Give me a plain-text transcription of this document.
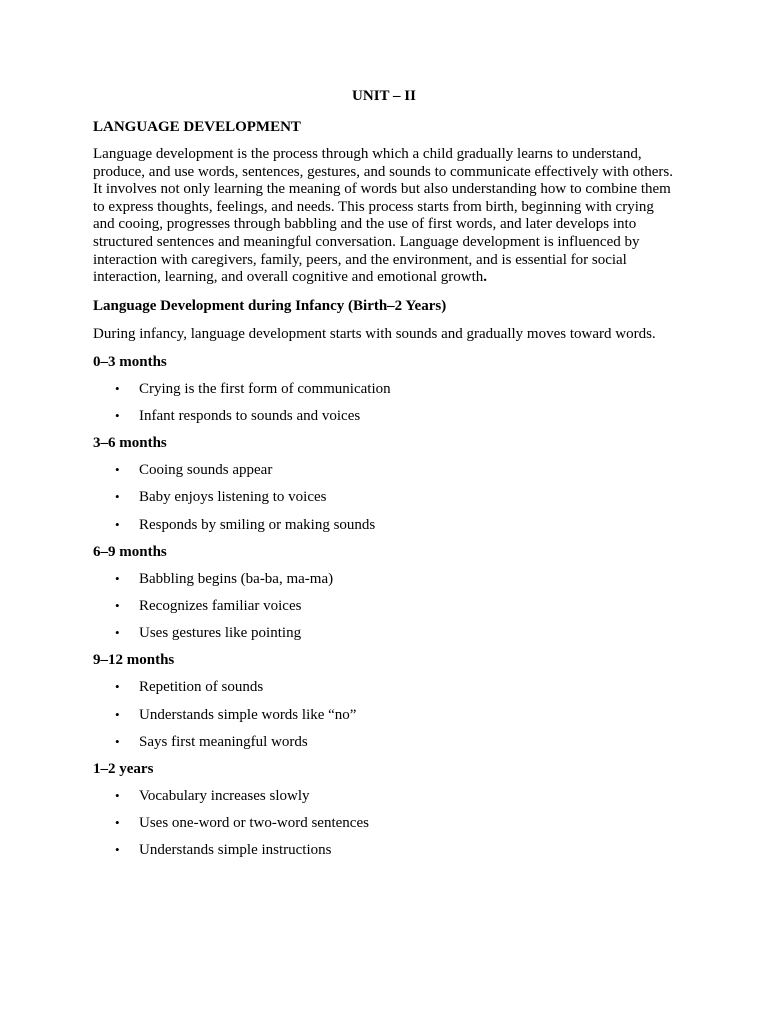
UNIT – II
LANGUAGE DEVELOPMENT

Language development is the process through which a child gradually learns to understand, produce, and use words, sentences, gestures, and sounds to communicate effectively with others. It involves not only learning the meaning of words but also understanding how to combine them to express thoughts, feelings, and needs. This process starts from birth, beginning with crying and cooing, progresses through babbling and the use of first words, and later develops into structured sentences and meaningful conversation. Language development is influenced by interaction with caregivers, family, peers, and the environment, and is essential for social interaction, learning, and overall cognitive and emotional growth.

Language Development during Infancy (Birth–2 Years)

During infancy, language development starts with sounds and gradually moves toward words.

0–3 months
• Crying is the first form of communication
• Infant responds to sounds and voices
3–6 months
• Cooing sounds appear
• Baby enjoys listening to voices
• Responds by smiling or making sounds
6–9 months
• Babbling begins (ba-ba, ma-ma)
• Recognizes familiar voices
• Uses gestures like pointing
9–12 months
• Repetition of sounds
• Understands simple words like “no”
• Says first meaningful words
1–2 years
• Vocabulary increases slowly
• Uses one-word or two-word sentences
• Understands simple instructions
